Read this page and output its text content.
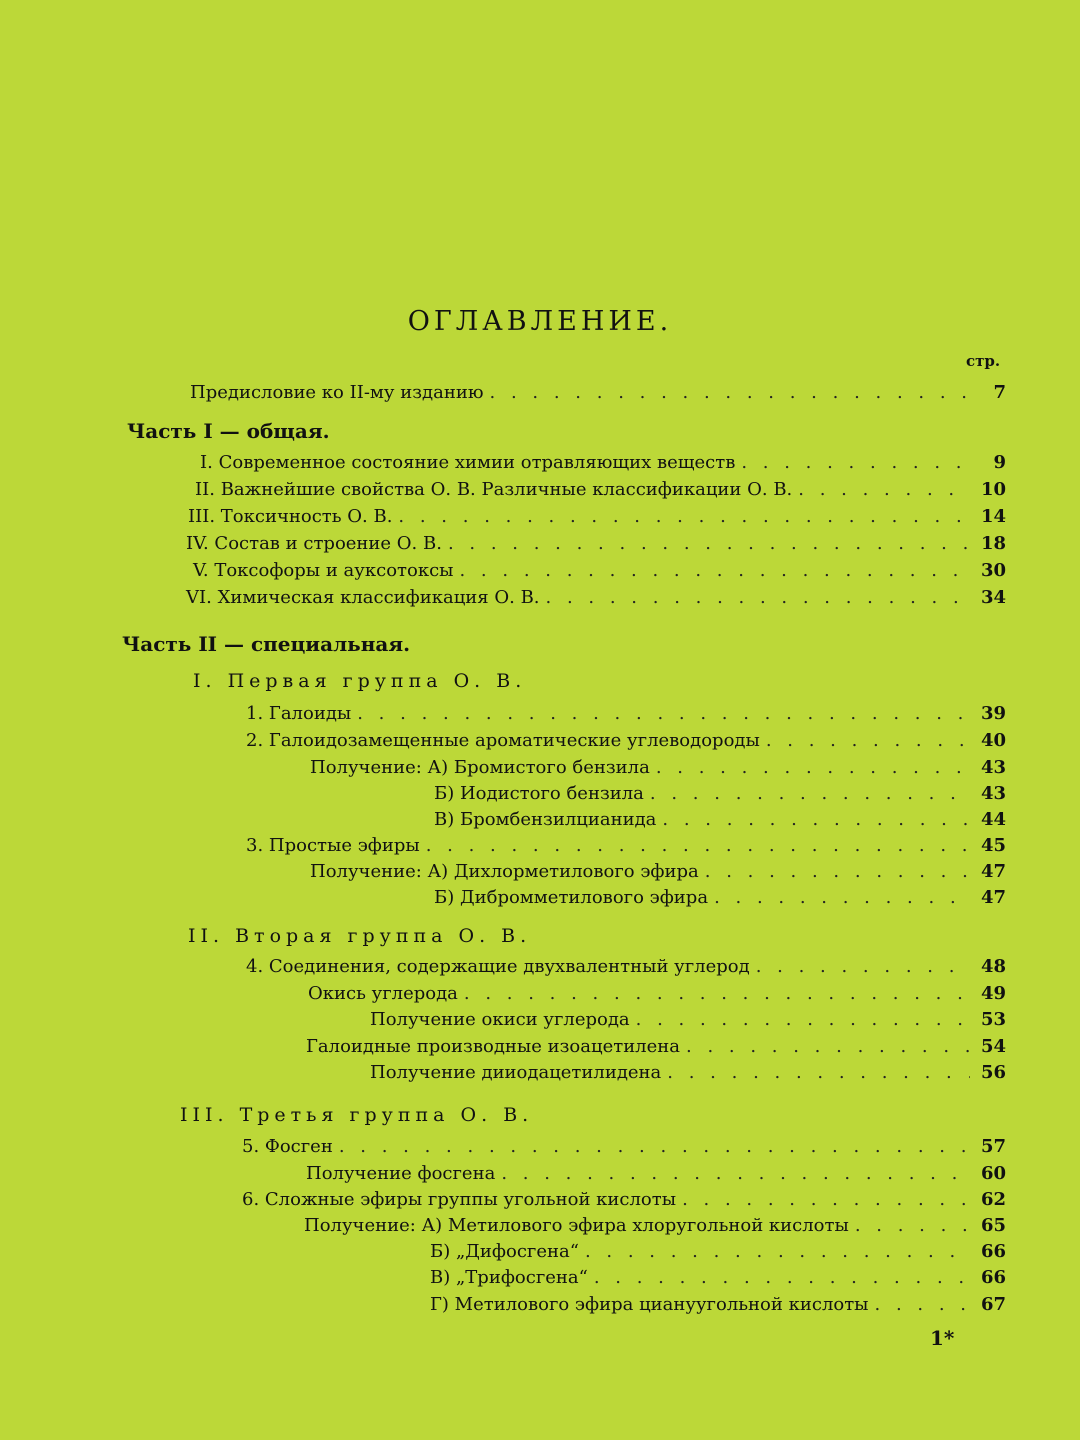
ОГЛАВЛЕНИЕ.
стр.
Предисловие ко II-му изданию . . .	7
Часть I — общая.
I. Современное состояние химии отравляющих веществ . . .	9
II. Важнейшие свойства О. В. Различные классификации О. В. . . .	10
III. Токсичность О. В. . . .	14
IV. Состав и строение О. В. . . .	18
V. Токсофоры и ауксотоксы . . .	30
VI. Химическая классификация О. В. . . .	34
Часть II — специальная.
I. Первая группа О. В.
1. Галоиды . . .	39
2. Галоидозамещенные ароматические углеводороды . . .	40
Получение: А) Бромистого бензила . . .	43
Б) Иодистого бензила . . .	43
В) Бромбензилцианида . . .	44
3. Простые эфиры . . .	45
Получение: А) Дихлорметилового эфира . . .	47
Б) Дибромметилового эфира . . .	47
II. Вторая группа О. В.
4. Соединения, содержащие двухвалентный углерод . . .	48
Окись углерода . . .	49
Получение окиси углерода . . .	53
Галоидные производные изоацетилена . . .	54
Получение дииодацетилидена . . .	56
III. Третья группа О. В.
5. Фосген . . .	57
Получение фосгена . . .	60
6. Сложные эфиры группы угольной кислоты . . .	62
Получение: А) Метилового эфира хлоругольной кислоты . . .	65
Б) „Дифосгена“ . . .	66
В) „Трифосгена“ . . .	66
Г) Метилового эфира циануугольной кислоты . . .	67
1*
